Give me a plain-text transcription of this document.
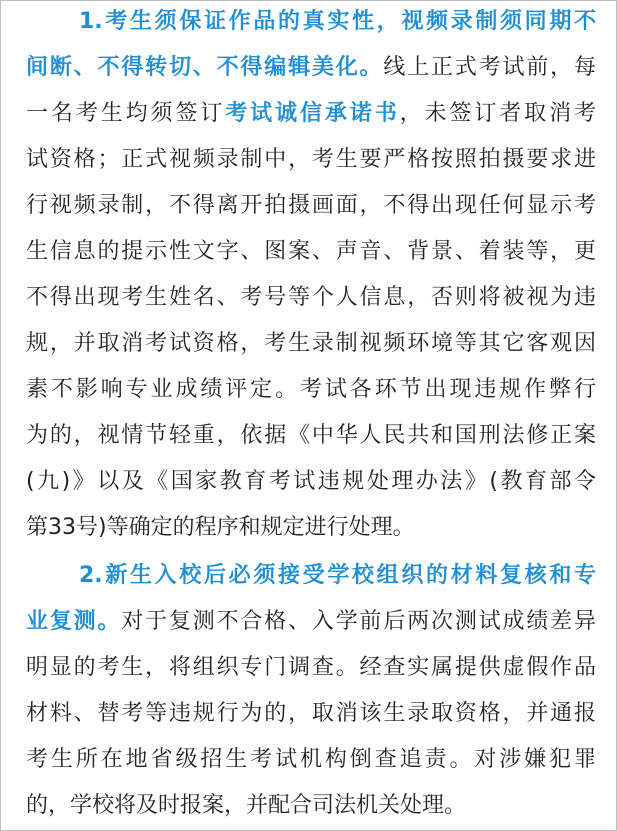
1.考生须保证作品的真实性，视频录制须同期不
间断、不得转切、不得编辑美化。线上正式考试前，每
一名考生均须签订考试诚信承诺书，未签订者取消考
试资格；正式视频录制中，考生要严格按照拍摄要求进
行视频录制，不得离开拍摄画面，不得出现任何显示考
生信息的提示性文字、图案、声音、背景、着装等，更
不得出现考生姓名、考号等个人信息，否则将被视为违
规，并取消考试资格，考生录制视频环境等其它客观因
素不影响专业成绩评定。考试各环节出现违规作弊行
为的，视情节轻重，依据《中华人民共和国刑法修正案
(九)》以及《国家教育考试违规处理办法》(教育部令
第33号)等确定的程序和规定进行处理。
2.新生入校后必须接受学校组织的材料复核和专
业复测。对于复测不合格、入学前后两次测试成绩差异
明显的考生，将组织专门调查。经查实属提供虚假作品
材料、替考等违规行为的，取消该生录取资格，并通报
考生所在地省级招生考试机构倒查追责。对涉嫌犯罪
的，学校将及时报案，并配合司法机关处理。
